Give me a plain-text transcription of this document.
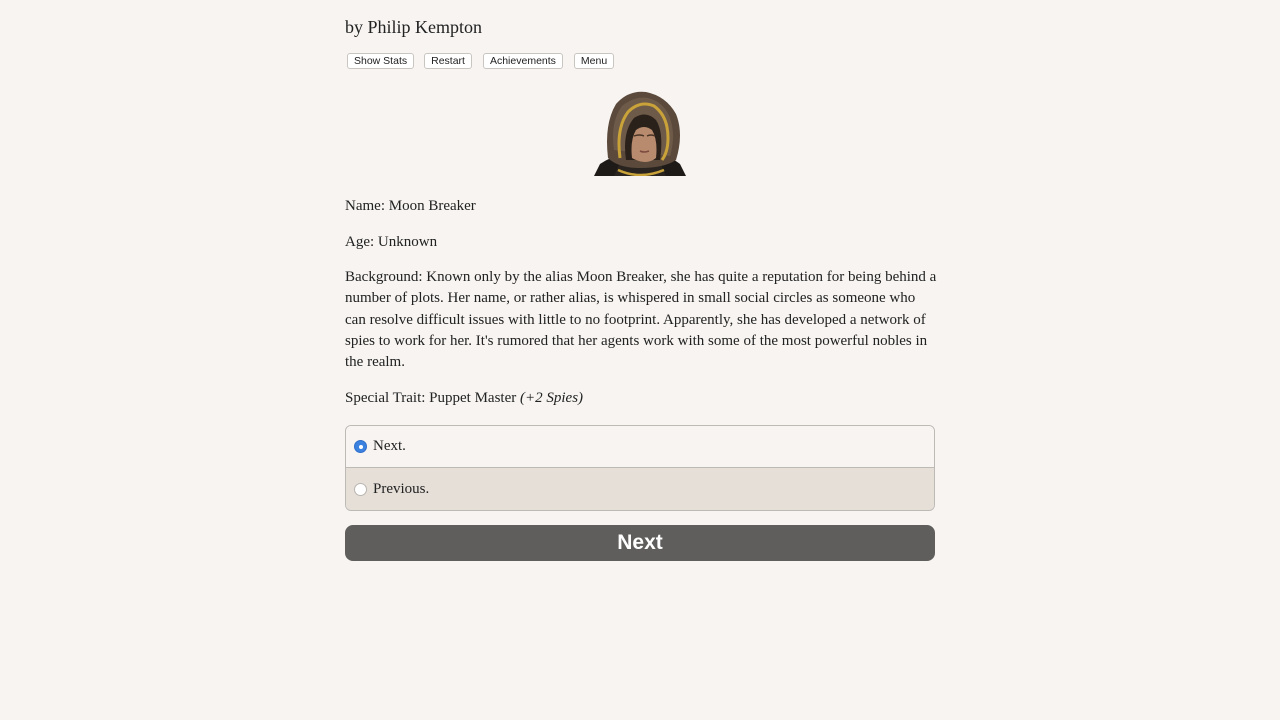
by Philip Kempton
Show Stats	Restart	Achievements	Menu

Name: Moon Breaker

Age: Unknown

Background: Known only by the alias Moon Breaker, she has quite a reputation for being behind a number of plots. Her name, or rather alias, is whispered in small social circles as someone who can resolve difficult issues with little to no footprint. Apparently, she has developed a network of spies to work for her. It's rumored that her agents work with some of the most powerful nobles in the realm.

Special Trait: Puppet Master (+2 Spies)

Next.
Previous.
Next
